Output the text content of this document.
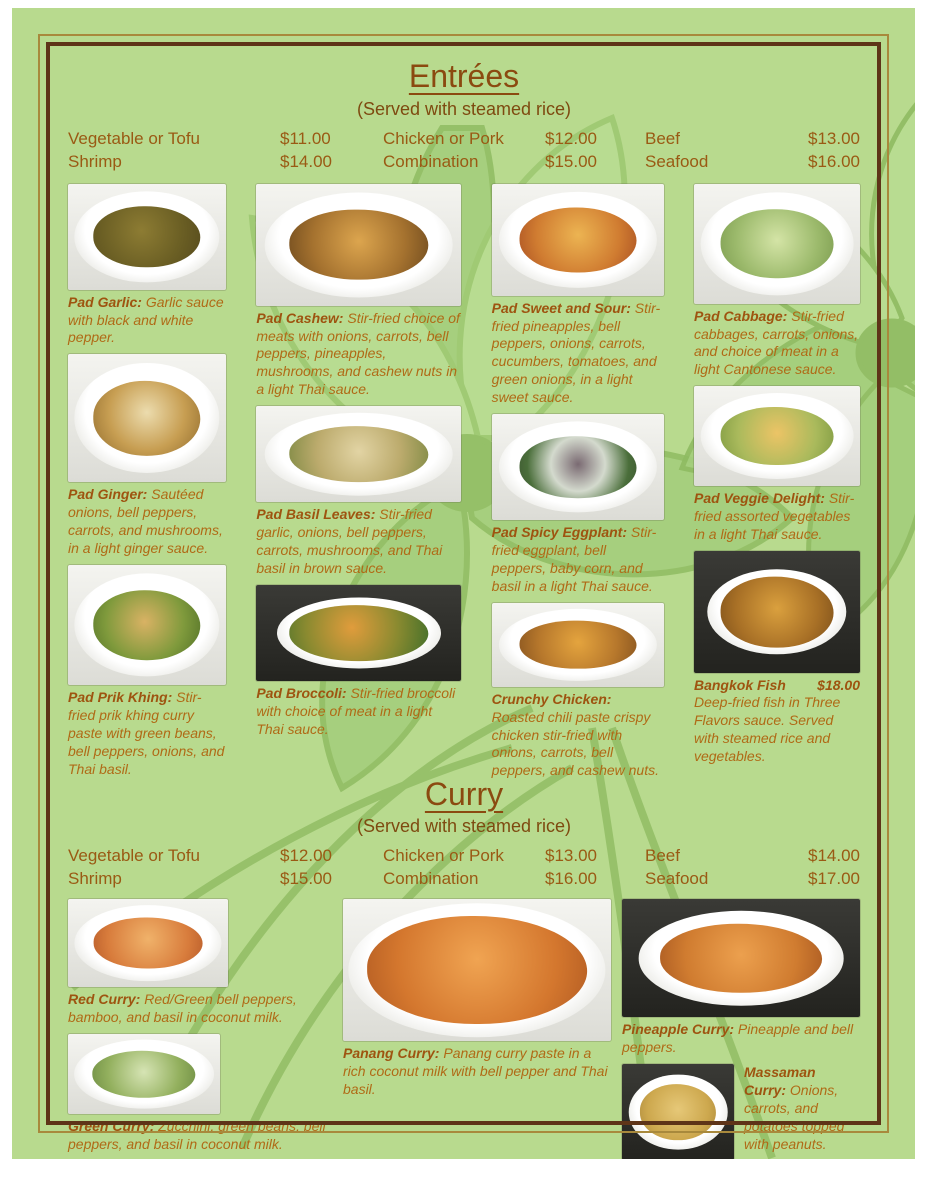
Entrées
(Served with steamed rice)
Vegetable or Tofu	$11.00	Chicken or Pork	$12.00	Beef	$13.00
Shrimp	$14.00	Combination	$15.00	Seafood	$16.00

Pad Garlic: Garlic sauce with black and white pepper.

Pad Ginger: Sautéed onions, bell peppers, carrots, and mushrooms, in a light ginger sauce.

Pad Prik Khing: Stir-fried prik khing curry paste with green beans, bell peppers, onions, and Thai basil.

Pad Cashew: Stir-fried choice of meats with onions, carrots, bell peppers, pineapples, mushrooms, and cashew nuts in a light Thai sauce.

Pad Basil Leaves: Stir-fried garlic, onions, bell peppers, carrots, mushrooms, and Thai basil in brown sauce.

Pad Broccoli: Stir-fried broccoli with choice of meat in a light Thai sauce.

Pad Sweet and Sour: Stir-fried pineapples, bell peppers, onions, carrots, cucumbers, tomatoes, and green onions, in a light sweet sauce.

Pad Spicy Eggplant: Stir-fried eggplant, bell peppers, baby corn, and basil in a light Thai sauce.

Crunchy Chicken: Roasted chili paste crispy chicken stir-fried with onions, carrots, bell peppers, and cashew nuts.

Pad Cabbage: Stir-fried cabbages, carrots, onions, and choice of meat in a light Cantonese sauce.

Pad Veggie Delight: Stir-fried assorted vegetables in a light Thai sauce.

Bangkok Fish $18.00

Deep-fried fish in Three Flavors sauce. Served with steamed rice and vegetables.

Curry
(Served with steamed rice)
Vegetable or Tofu	$12.00	Chicken or Pork	$13.00	Beef	$14.00
Shrimp	$15.00	Combination	$16.00	Seafood	$17.00

Red Curry: Red/Green bell peppers, bamboo, and basil in coconut milk.

Green Curry: Zucchini, green beans, bell peppers, and basil in coconut milk.

Panang Curry: Panang curry paste in a rich coconut milk with bell pepper and Thai basil.

Pineapple Curry: Pineapple and bell peppers.

Massaman Curry: Onions, carrots, and potatoes topped with peanuts.
